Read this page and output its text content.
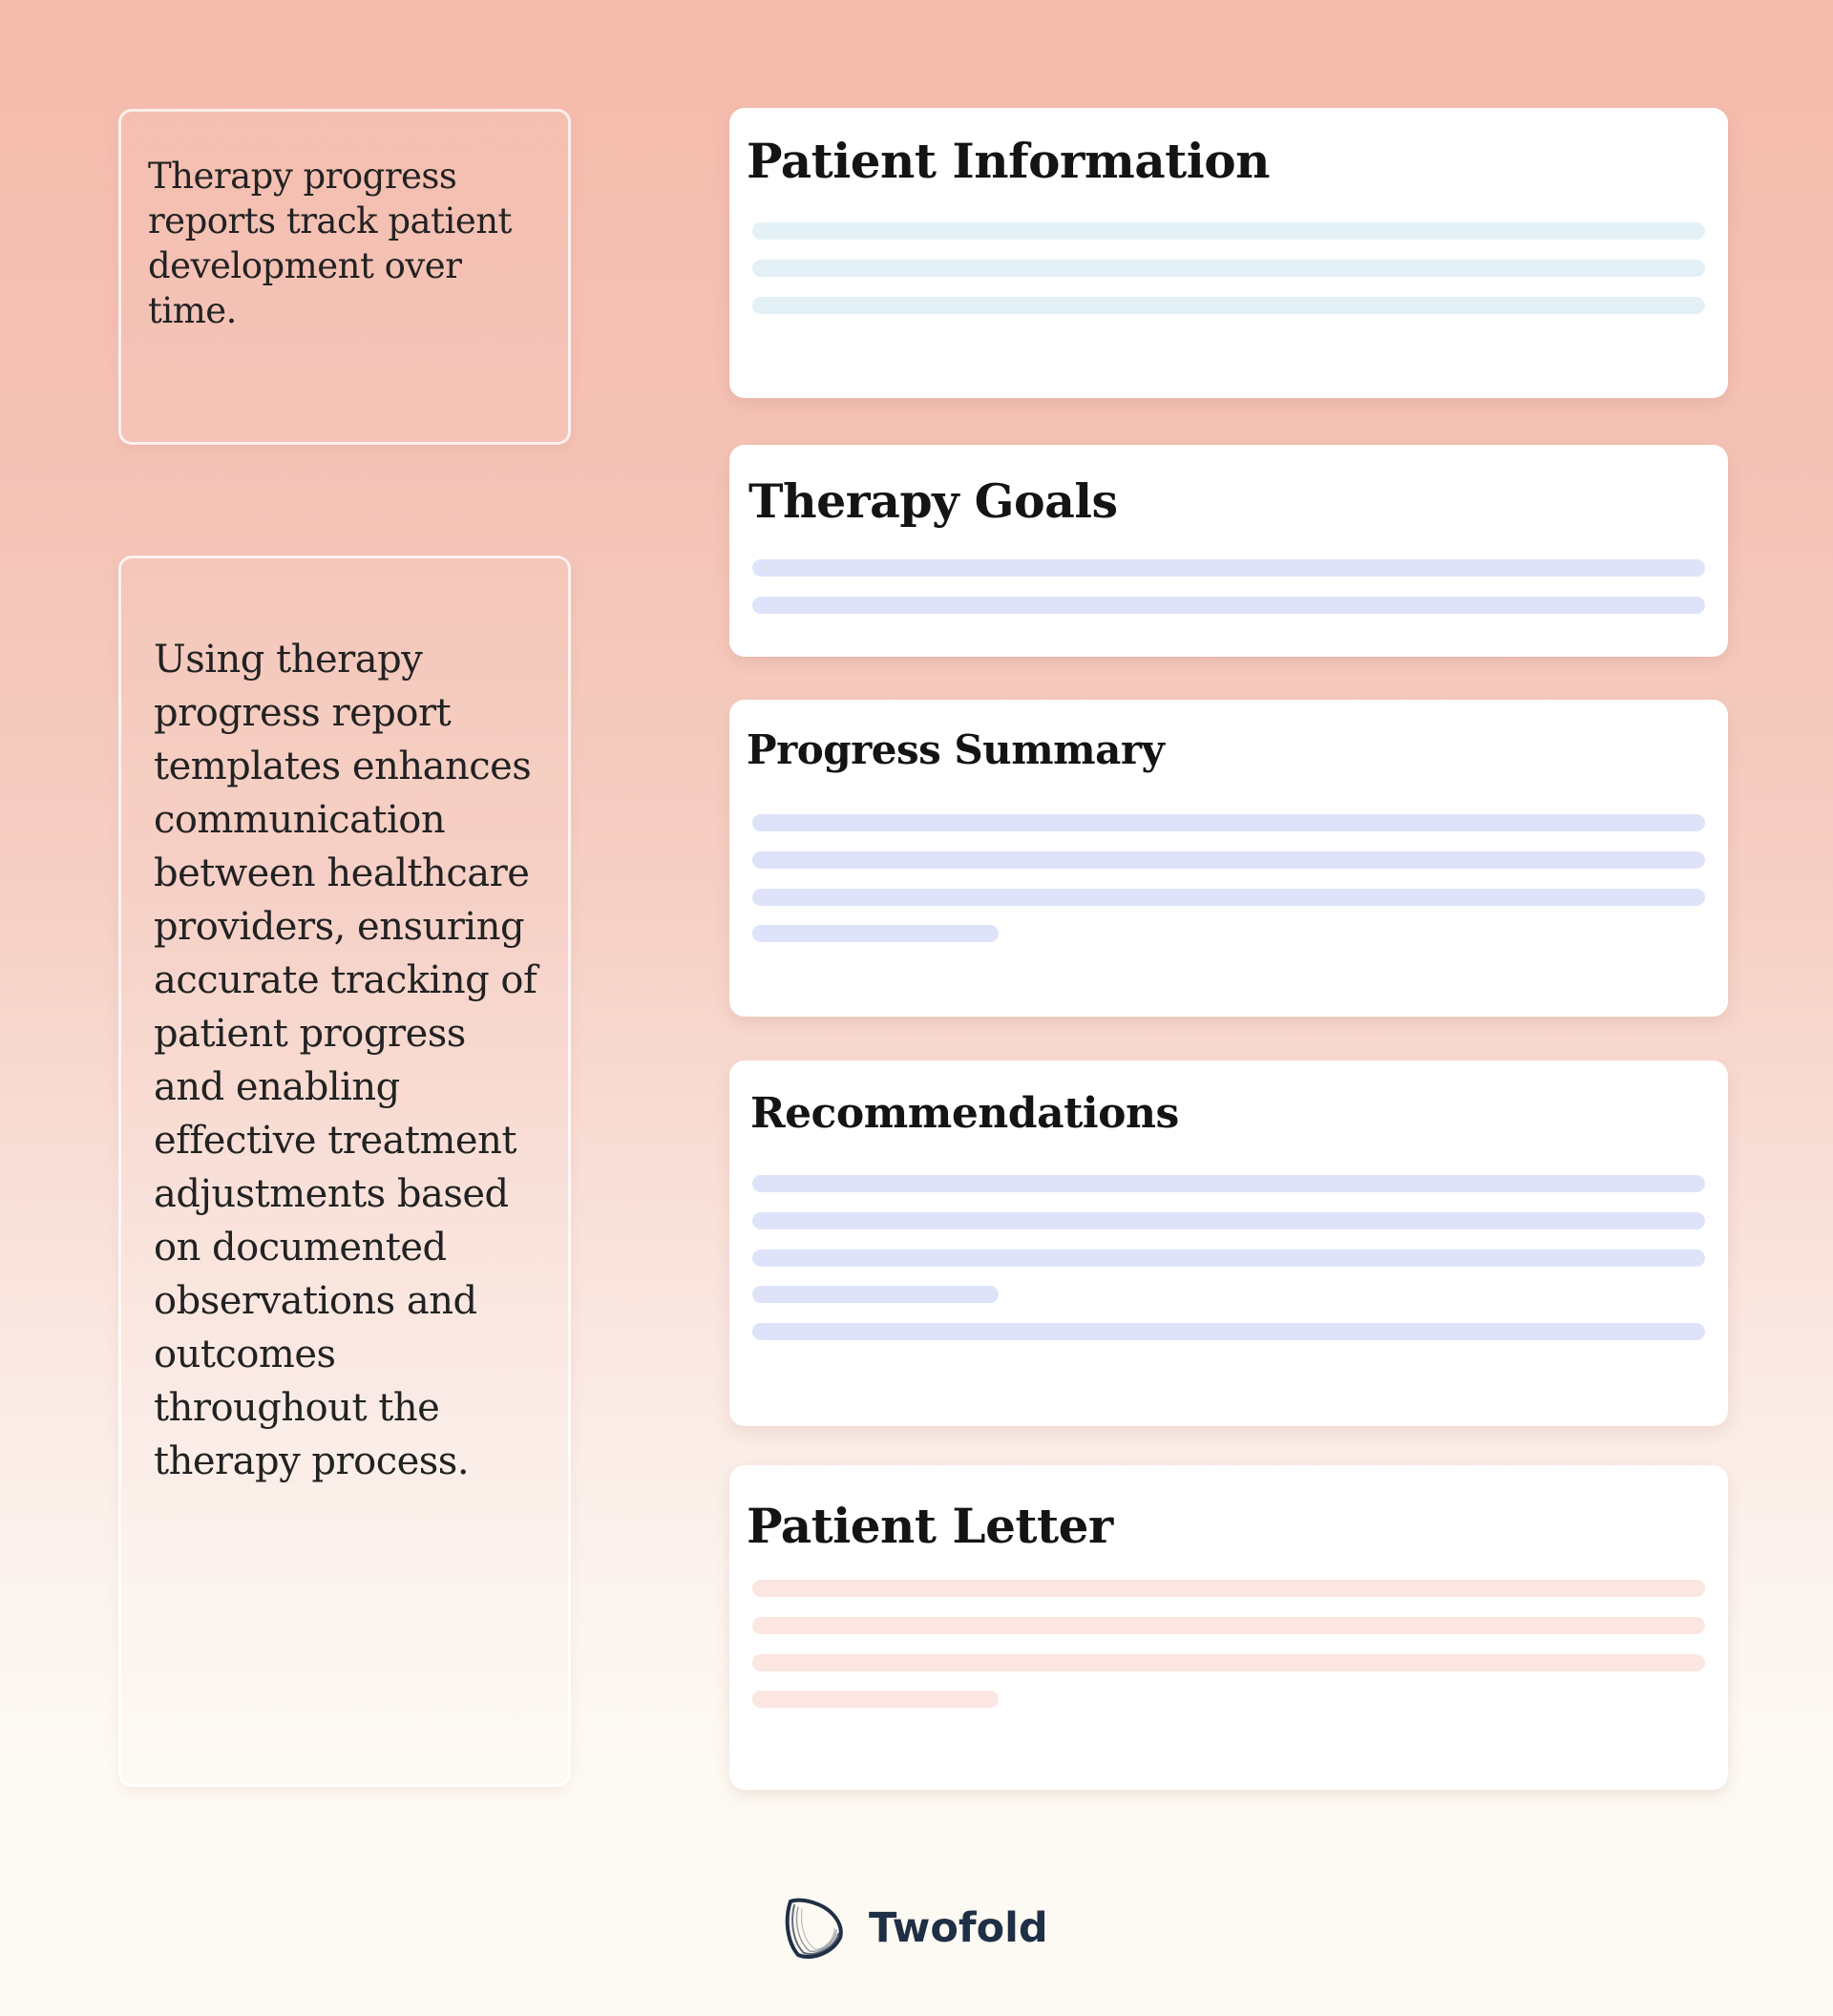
Therapy progress reports track patient development over time.

Using therapy progress report templates enhances communication between healthcare providers, ensuring accurate tracking of patient progress and enabling effective treatment adjustments based on documented observations and outcomes throughout the therapy process.

Patient Information
Therapy Goals
Progress Summary
Recommendations
Patient Letter
Twofold
